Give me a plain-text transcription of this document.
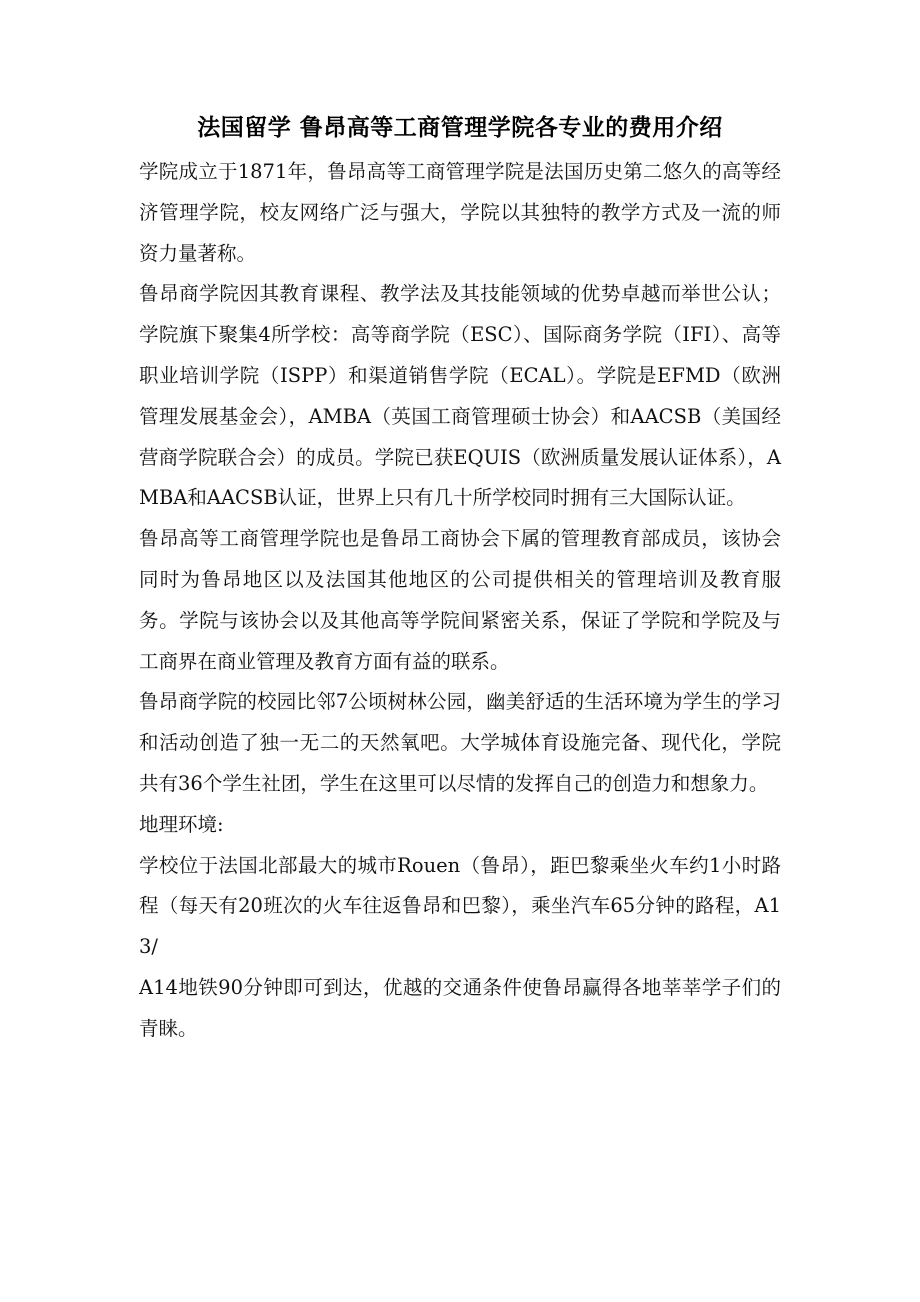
法国留学 鲁昂高等工商管理学院各专业的费用介绍

学院成立于1871年，鲁昂高等工商管理学院是法国历史第二悠久的高等经济管理学院，校友网络广泛与强大，学院以其独特的教学方式及一流的师资力量著称。

鲁昂商学院因其教育课程、教学法及其技能领域的优势卓越而举世公认；学院旗下聚集4所学校：高等商学院（ESC）、国际商务学院（IFI）、高等职业培训学院（ISPP）和渠道销售学院（ECAL）。学院是EFMD（欧洲管理发展基金会），AMBA（英国工商管理硕士协会）和AACSB（美国经营商学院联合会）的成员。学院已获EQUIS（欧洲质量发展认证体系），AMBA和AACSB认证，世界上只有几十所学校同时拥有三大国际认证。

鲁昂高等工商管理学院也是鲁昂工商协会下属的管理教育部成员，该协会同时为鲁昂地区以及法国其他地区的公司提供相关的管理培训及教育服务。学院与该协会以及其他高等学院间紧密关系，保证了学院和学院及与工商界在商业管理及教育方面有益的联系。

鲁昂商学院的校园比邻7公顷树林公园，幽美舒适的生活环境为学生的学习和活动创造了独一无二的天然氧吧。大学城体育设施完备、现代化，学院共有36个学生社团，学生在这里可以尽情的发挥自己的创造力和想象力。

地理环境:

学校位于法国北部最大的城市Rouen（鲁昂），距巴黎乘坐火车约1小时路程（每天有20班次的火车往返鲁昂和巴黎），乘坐汽车65分钟的路程，A13/

A14地铁90分钟即可到达，优越的交通条件使鲁昂赢得各地莘莘学子们的青睐。
